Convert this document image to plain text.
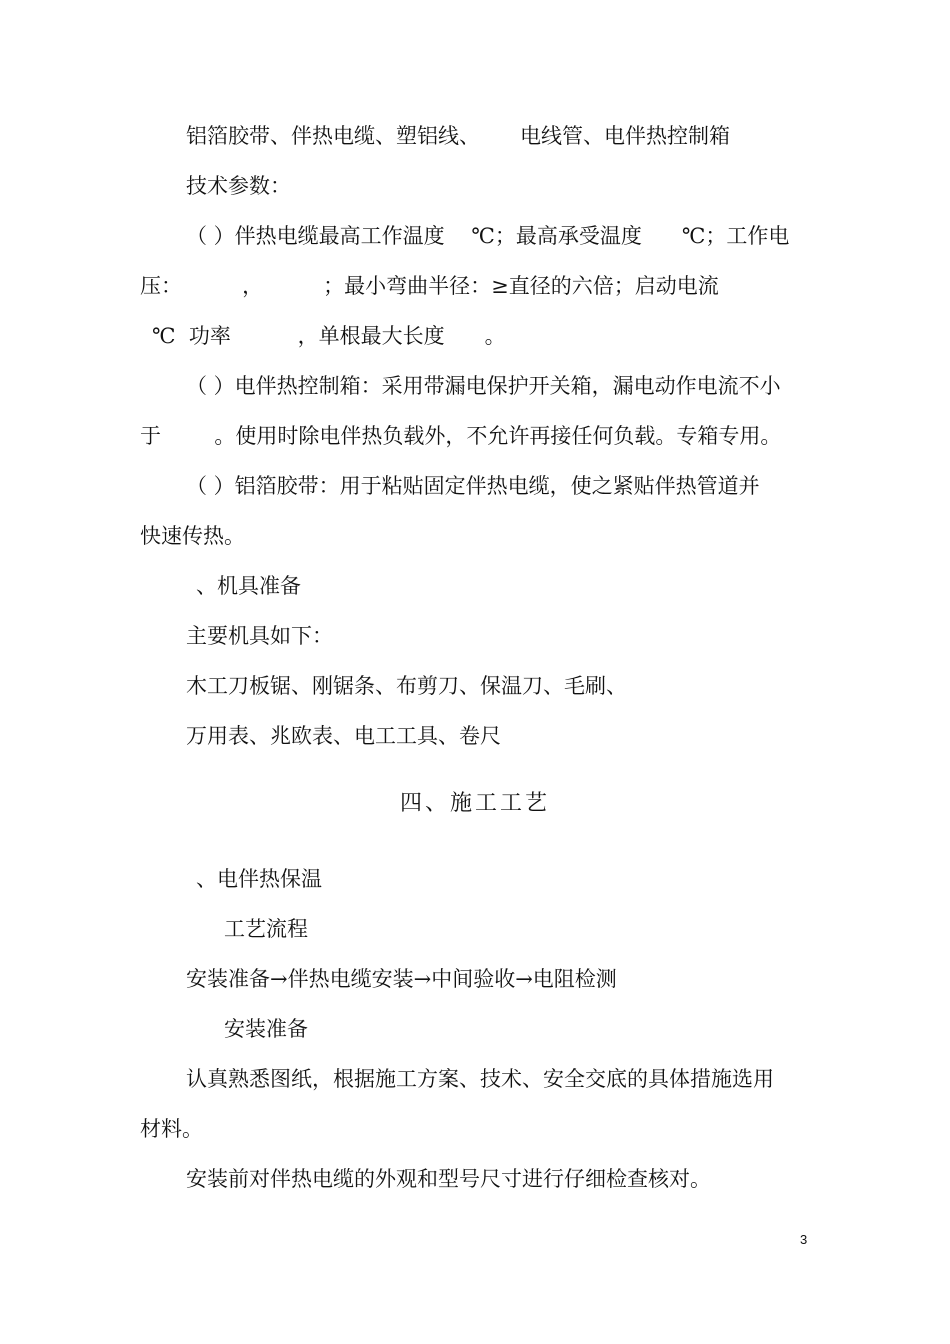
铝箔胶带、伴热电缆、塑铝线、      电线管、电伴热控制箱
技术参数：
（ ）伴热电缆最高工作温度    ℃；最高承受温度      ℃；工作电
压：         ，         ；最小弯曲半径：≥直径的六倍；启动电流
℃  功率          ，单根最大长度      。
（ ）电伴热控制箱：采用带漏电保护开关箱，漏电动作电流不小
于        。使用时除电伴热负载外，不允许再接任何负载。专箱专用。
（ ）铝箔胶带：用于粘贴固定伴热电缆，使之紧贴伴热管道并
快速传热。
、机具准备
主要机具如下：
木工刀板锯、刚锯条、布剪刀、保温刀、毛刷、
万用表、兆欧表、电工工具、卷尺
四、施工工艺
、电伴热保温
工艺流程
安装准备→伴热电缆安装→中间验收→电阻检测
安装准备
认真熟悉图纸，根据施工方案、技术、安全交底的具体措施选用
材料。
安装前对伴热电缆的外观和型号尺寸进行仔细检查核对。
3
